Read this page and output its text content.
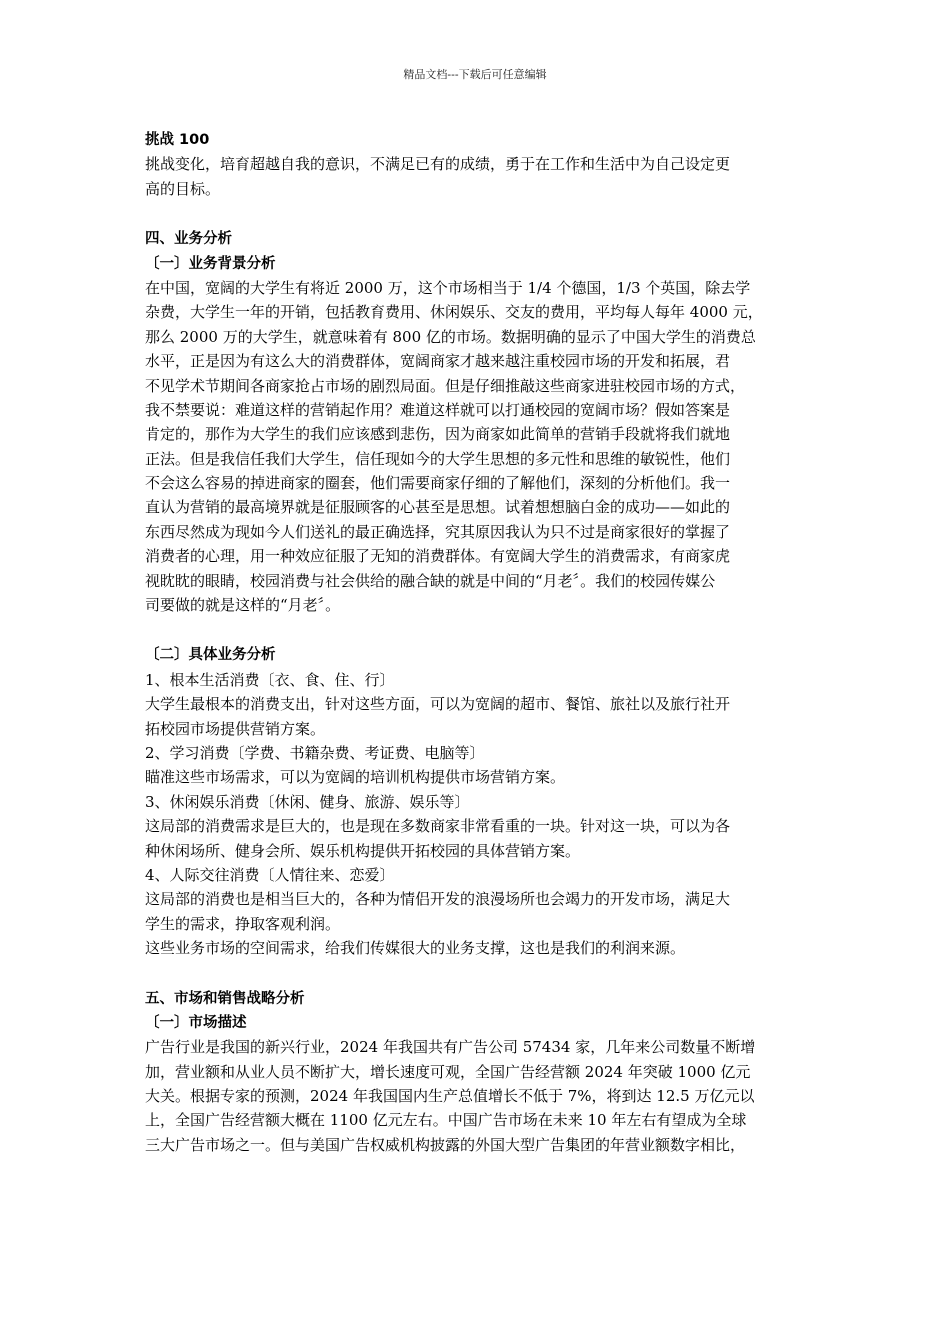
精品文档---下载后可任意编辑
挑战 100
挑战变化，培育超越自我的意识，不满足已有的成绩，勇于在工作和生活中为自己设定更
高的目标。
四、业务分析
〔一〕业务背景分析
在中国，宽阔的大学生有将近 2000 万，这个市场相当于 1/4 个德国，1/3 个英国，除去学
杂费，大学生一年的开销，包括教育费用、休闲娱乐、交友的费用，平均每人每年 4000 元，
那么 2000 万的大学生，就意味着有 800 亿的市场。数据明确的显示了中国大学生的消费总
水平，正是因为有这么大的消费群体，宽阔商家才越来越注重校园市场的开发和拓展，君
不见学术节期间各商家抢占市场的剧烈局面。但是仔细推敲这些商家进驻校园市场的方式，
我不禁要说：难道这样的营销起作用？难道这样就可以打通校园的宽阔市场？假如答案是
肯定的，那作为大学生的我们应该感到悲伤，因为商家如此简单的营销手段就将我们就地
正法。但是我信任我们大学生，信任现如今的大学生思想的多元性和思维的敏锐性，他们
不会这么容易的掉进商家的圈套，他们需要商家仔细的了解他们，深刻的分析他们。我一
直认为营销的最高境界就是征服顾客的心甚至是思想。试着想想脑白金的成功——如此的
东西尽然成为现如今人们送礼的最正确选择，究其原因我认为只不过是商家很好的掌握了
消费者的心理，用一种效应征服了无知的消费群体。有宽阔大学生的消费需求，有商家虎
视眈眈的眼睛，校园消费与社会供给的融合缺的就是中间的“月老〞。我们的校园传媒公
司要做的就是这样的“月老〞。
〔二〕具体业务分析
1、根本生活消费〔衣、食、住、行〕
大学生最根本的消费支出，针对这些方面，可以为宽阔的超市、餐馆、旅社以及旅行社开
拓校园市场提供营销方案。
2、学习消费〔学费、书籍杂费、考证费、电脑等〕
瞄准这些市场需求，可以为宽阔的培训机构提供市场营销方案。
3、休闲娱乐消费〔休闲、健身、旅游、娱乐等〕
这局部的消费需求是巨大的，也是现在多数商家非常看重的一块。针对这一块，可以为各
种休闲场所、健身会所、娱乐机构提供开拓校园的具体营销方案。
4、人际交往消费〔人情往来、恋爱〕
这局部的消费也是相当巨大的，各种为情侣开发的浪漫场所也会竭力的开发市场，满足大
学生的需求，挣取客观利润。
这些业务市场的空间需求，给我们传媒很大的业务支撑，这也是我们的利润来源。
五、市场和销售战略分析
〔一〕市场描述
广告行业是我国的新兴行业，2024 年我国共有广告公司 57434 家，几年来公司数量不断增
加，营业额和从业人员不断扩大，增长速度可观，全国广告经营额 2024 年突破 1000 亿元
大关。根据专家的预测，2024 年我国国内生产总值增长不低于 7%，将到达 12.5 万亿元以
上，全国广告经营额大概在 1100 亿元左右。中国广告市场在未来 10 年左右有望成为全球
三大广告市场之一。但与美国广告权威机构披露的外国大型广告集团的年营业额数字相比，
